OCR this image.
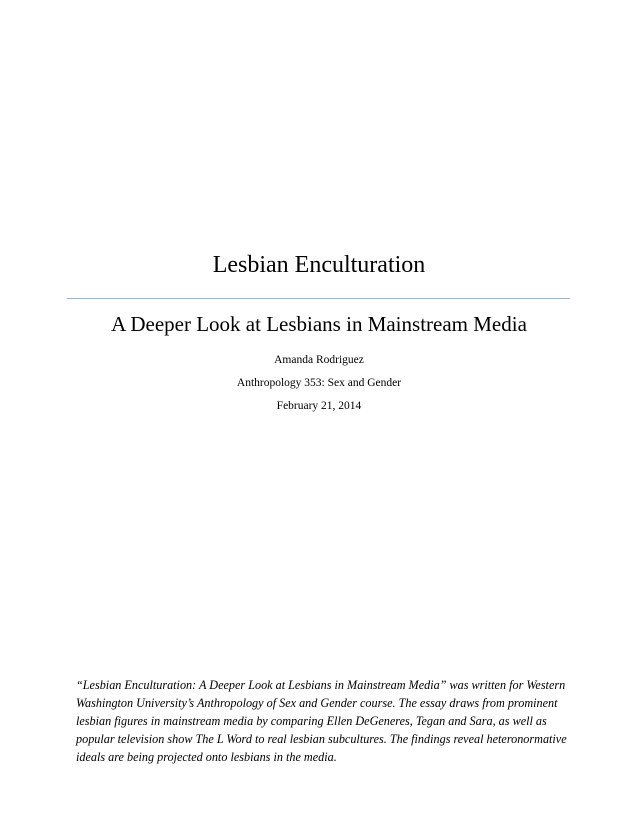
Lesbian Enculturation
A Deeper Look at Lesbians in Mainstream Media
Amanda Rodriguez
Anthropology 353: Sex and Gender
February 21, 2014
“Lesbian Enculturation: A Deeper Look at Lesbians in Mainstream Media” was written for Western Washington University’s Anthropology of Sex and Gender course. The essay draws from prominent lesbian figures in mainstream media by comparing Ellen DeGeneres, Tegan and Sara, as well as popular television show The L Word to real lesbian subcultures. The findings reveal heteronormative ideals are being projected onto lesbians in the media.
